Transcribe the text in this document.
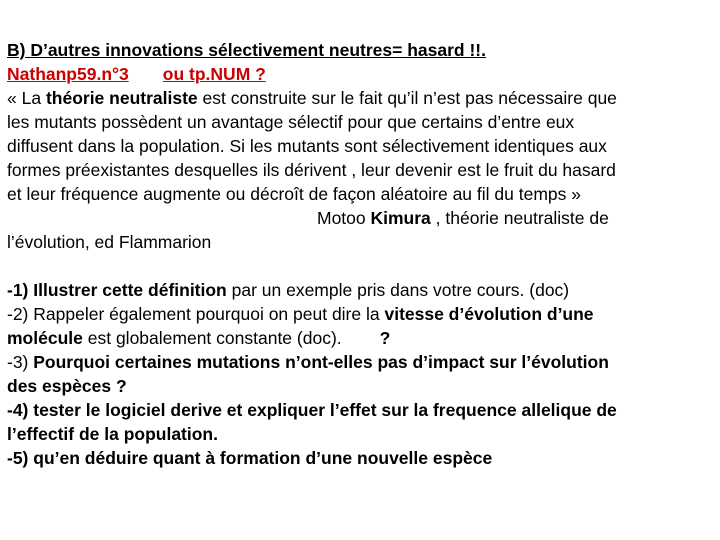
B) D’autres innovations sélectivement neutres= hasard !!.
Nathanp59.n°3 ou tp.NUM ?
« La théorie neutraliste est construite sur le fait qu’il n’est pas nécessaire que
les mutants possèdent un avantage sélectif pour que certains d’entre eux
diffusent dans la population. Si les mutants sont sélectivement identiques aux
formes préexistantes desquelles ils dérivent , leur devenir est le fruit du hasard
et leur fréquence augmente ou décroît de façon aléatoire au fil du temps »
Motoo Kimura , théorie neutraliste de
l’évolution, ed Flammarion
-1) Illustrer cette définition par un exemple pris dans votre cours. (doc)
-2) Rappeler également pourquoi on peut dire la vitesse d’évolution d’une
molécule est globalement constante (doc). ?
-3) Pourquoi certaines mutations n’ont-elles pas d’impact sur l’évolution
des espèces ?
-4) tester le logiciel derive et expliquer l’effet sur la frequence allelique de
l’effectif de la population.
-5) qu’en déduire quant à formation d’une nouvelle espèce
